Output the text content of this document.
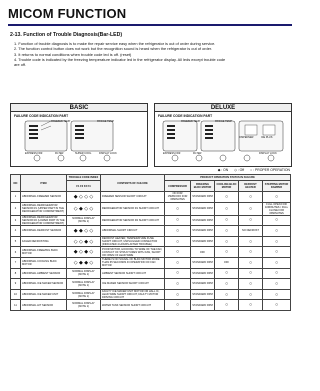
MICOM FUNCTION
2-13. Function of Trouble Diagnosis(Bar-LED)
1. Function of trouble diagnosis is to make the repair service easy when the refrigerator is out of order during service.
2. The function control button does not work but the recognition sound is heard when the refrigerator is out of order.
3. It returns to normal conditions when trouble code led is off. (reset)
4. Trouble code is indicated by the freezing temperature indicator led in the refrigerator display. All leds except trouble code
are off.
BASIC
FAILURE CODE INDICATION PART
FREEZER TEMP	FRIDGE TEMP
EXPRESS FRZ	FILTER	SUPER COOL	DISPLAY LOCK
DELUXE
FAILURE CODE INDICATION PART
FREEZER TEMP	FRIDGE TEMP
EXPRESS FRZ	FILTER
DISPENSER	ICE PLUS
DISPLAY LOCK
◆ : ON ◇ : Off ○ : PROPER OPERATION
NO	ITEM	TROUBLE CODE INDEX	CONTENTS OF FAILURE	PRODUCT OPERATION STATUS IN FAILURE				
		F1 F2 F3 F4		COMPRESSOR	FREEZING BLDC MOTOR	COOLING BLDC MOTOR	DEFROST HEATER	STEPPING MOTOR DAMPER
1	ABNORMAL FREEZER SENSOR	◆ ◇ ◇ ◇	FREEZER SENSOR SHORT CIRCUIT	ON FOR 15MIN/OFF FOR 15MINUTES	STANDARD RPM	○	○	○
2	ABNORMAL REFRIGERATOR SENSOR R1 (UPPER PART IN THE REFRIGERATOR COMPARTMENT)	◇ ◆ ◇ ◇	REFRIGERATOR SENSOR R1 SHORT CIRCUIT	○	STANDARD RPM	○	○	FULL OPEN FOR 10MINUTES / FULL CLOSE FOR 15MINUTES
3	ABNORMAL REFRIGERATOR SENSOR R2 (LOWER PART IN THE REFRIGERATOR COMPARTMENT)	NORMAL DISPLAY (NOTE 1)	REFRIGERATOR SENSOR R2 SHORT CIRCUIT	○	STANDARD RPM	○	○	○
4	ABNORMAL DEFROST SENSOR	◆ ◆ ◇ ◇	ABNORMAL SHORT CIRCUIT	○	STANDARD RPM	○	NO DEFROST	○
5	FAILED DEFROSTING	◇ ◇ ◆ ◇	DEFROST HEATER, TEMPERATURE FUSE SHORT CIRCUIT, UNPLUGGED CONNECTOR (INDICATED 4 HOURS AFTER TROUBLE)	○	STANDARD RPM	○	○	○
6	ABNORMAL FREEZING BLDC MOTOR	◆ ◇ ◆ ◇	POOR MOTOR, HOOKING TO WIRE OF THE FAN, CONTACT OF STRUCTURES WITH FAN, SHORT OR OPEN OF LEAD WIRE	○	OFF	○	○	○
7	ABNORMAL COOLING BLDC MOTOR	◇ ◆ ◆ ◇	THERE IS NO SIGNAL OF BLDC MOTOR MORE THAN 65 SECONDS IN OPERATION OF FAN MOTOR	○	STANDARD RPM	OFF	○	○
8	ABNORMAL AMBIENT SENSOR	NORMAL DISPLAY (NOTE 1)	AMBIENT SENSOR SHORT CIRCUIT	○	STANDARD RPM	○	○	○
9	ABNORMAL ICE MAKER SENSOR	NORMAL DISPLAY (NOTE 1)	ICE MAKER SENSOR SHORT CIRCUIT	○	STANDARD RPM	○	○	○
10	ABNORMAL ICE MAKER UNIT	NORMAL DISPLAY (NOTE 1)	FAULTY ICE MAKER UNIT MOTOR OR HALL IC, LEAD WIRE SHORT CIRCUIT, FAULTY MOTOR DRIVING CIRCUIT	○	STANDARD RPM	○	○	○
11	ABNORMAL HIT SENSOR	NORMAL DISPLAY (NOTE 1)	WATER TANK SENSOR SHORT CIRCUIT	○	STANDARD RPM	○	○	○
